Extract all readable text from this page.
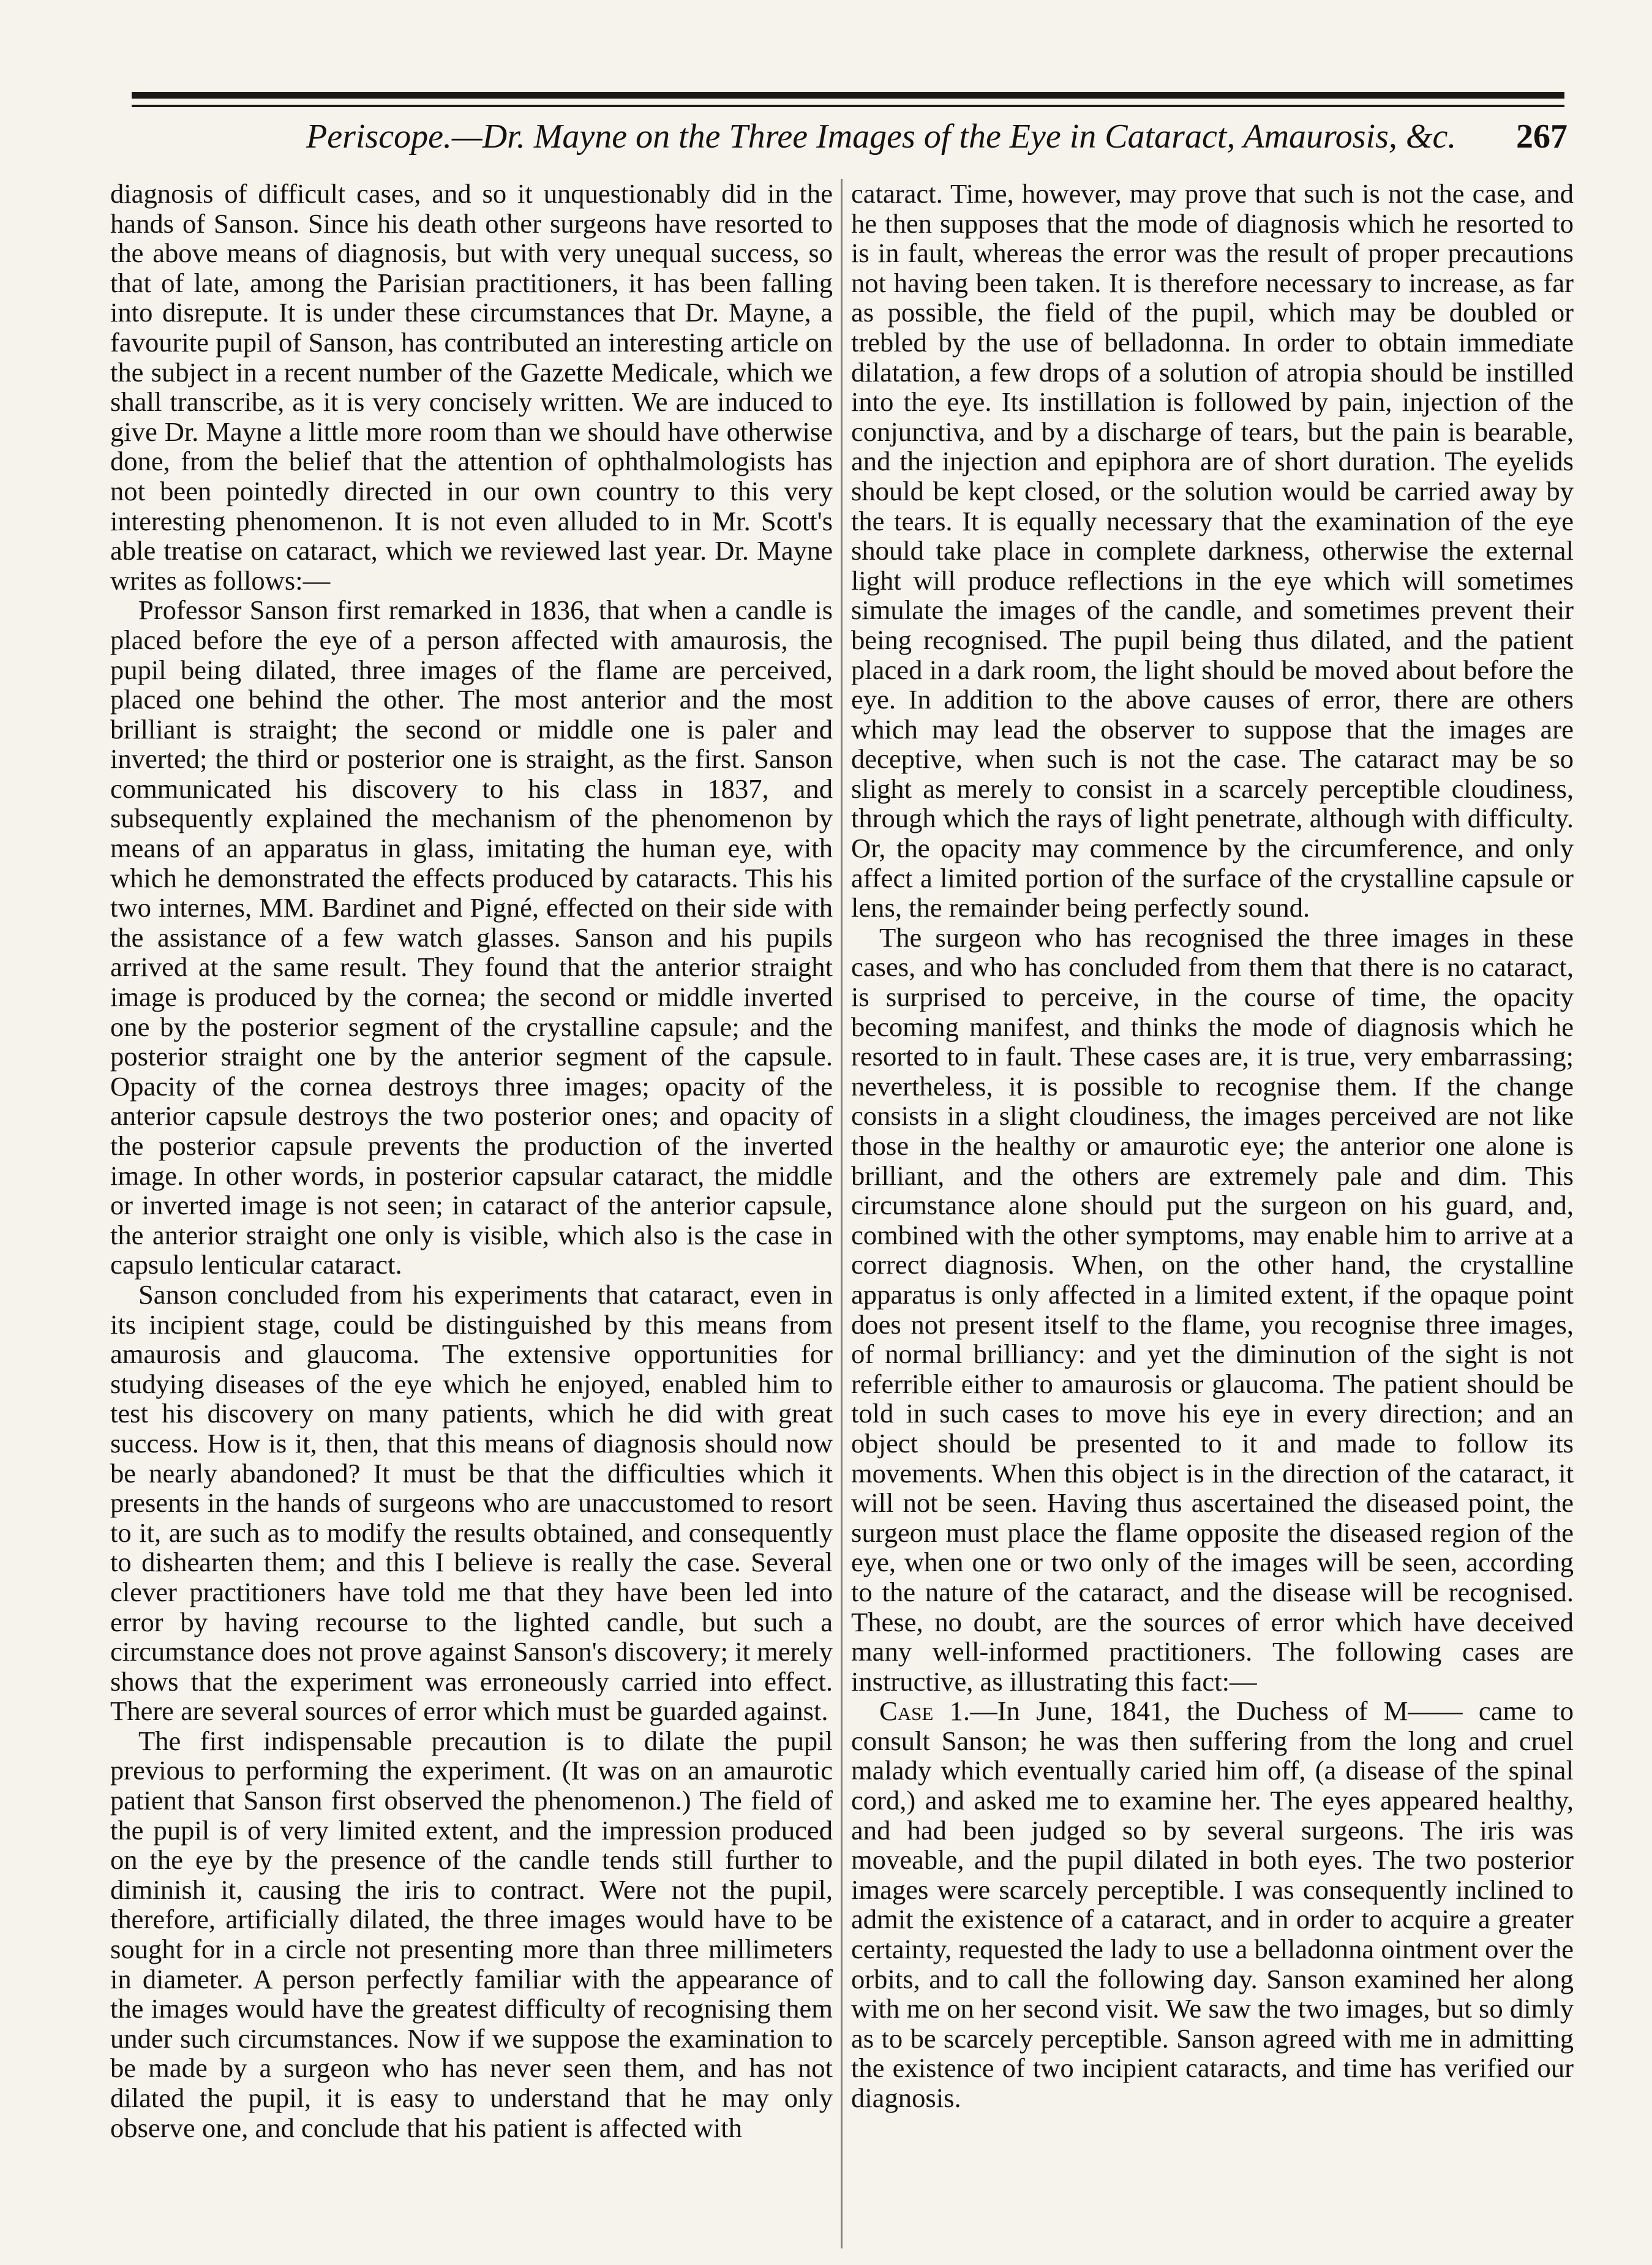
Periscope.—Dr. Mayne on the Three Images of the Eye in Cataract, Amaurosis, &c. 267

diagnosis of difficult cases, and so it unquestionably did in the hands of Sanson. Since his death other surgeons have resorted to the above means of diagnosis, but with very unequal success, so that of late, among the Parisian practitioners, it has been falling into disrepute. It is under these circumstances that Dr. Mayne, a favourite pupil of Sanson, has contributed an interesting article on the subject in a recent number of the Gazette Medicale, which we shall transcribe, as it is very concisely written. We are induced to give Dr. Mayne a little more room than we should have otherwise done, from the belief that the attention of ophthalmologists has not been pointedly directed in our own country to this very interesting phenomenon. It is not even alluded to in Mr. Scott's able treatise on cataract, which we reviewed last year. Dr. Mayne writes as follows:—

Professor Sanson first remarked in 1836, that when a candle is placed before the eye of a person affected with amaurosis, the pupil being dilated, three images of the flame are perceived, placed one behind the other. The most anterior and the most brilliant is straight; the second or middle one is paler and inverted; the third or posterior one is straight, as the first. Sanson communicated his discovery to his class in 1837, and subsequently explained the mechanism of the phenomenon by means of an apparatus in glass, imitating the human eye, with which he demonstrated the effects produced by cataracts. This his two internes, MM. Bardinet and Pigné, effected on their side with the assistance of a few watch glasses. Sanson and his pupils arrived at the same result. They found that the anterior straight image is produced by the cornea; the second or middle inverted one by the posterior segment of the crystalline capsule; and the posterior straight one by the anterior segment of the capsule. Opacity of the cornea destroys three images; opacity of the anterior capsule destroys the two posterior ones; and opacity of the posterior capsule prevents the production of the inverted image. In other words, in posterior capsular cataract, the middle or inverted image is not seen; in cataract of the anterior capsule, the anterior straight one only is visible, which also is the case in capsulo lenticular cataract.

Sanson concluded from his experiments that cataract, even in its incipient stage, could be distinguished by this means from amaurosis and glaucoma. The extensive opportunities for studying diseases of the eye which he enjoyed, enabled him to test his discovery on many patients, which he did with great success. How is it, then, that this means of diagnosis should now be nearly abandoned? It must be that the difficulties which it presents in the hands of surgeons who are unaccustomed to resort to it, are such as to modify the results obtained, and consequently to dishearten them; and this I believe is really the case. Several clever practitioners have told me that they have been led into error by having recourse to the lighted candle, but such a circumstance does not prove against Sanson's discovery; it merely shows that the experiment was erroneously carried into effect. There are several sources of error which must be guarded against.

The first indispensable precaution is to dilate the pupil previous to performing the experiment. (It was on an amaurotic patient that Sanson first observed the phenomenon.) The field of the pupil is of very limited extent, and the impression produced on the eye by the presence of the candle tends still further to diminish it, causing the iris to contract. Were not the pupil, therefore, artificially dilated, the three images would have to be sought for in a circle not presenting more than three millimeters in diameter. A person perfectly familiar with the appearance of the images would have the greatest difficulty of recognising them under such circumstances. Now if we suppose the examination to be made by a surgeon who has never seen them, and has not dilated the pupil, it is easy to understand that he may only observe one, and conclude that his patient is affected with

cataract. Time, however, may prove that such is not the case, and he then supposes that the mode of diagnosis which he resorted to is in fault, whereas the error was the result of proper precautions not having been taken. It is therefore necessary to increase, as far as possible, the field of the pupil, which may be doubled or trebled by the use of belladonna. In order to obtain immediate dilatation, a few drops of a solution of atropia should be instilled into the eye. Its instillation is followed by pain, injection of the conjunctiva, and by a discharge of tears, but the pain is bearable, and the injection and epiphora are of short duration. The eyelids should be kept closed, or the solution would be carried away by the tears. It is equally necessary that the examination of the eye should take place in complete darkness, otherwise the external light will produce reflections in the eye which will sometimes simulate the images of the candle, and sometimes prevent their being recognised. The pupil being thus dilated, and the patient placed in a dark room, the light should be moved about before the eye. In addition to the above causes of error, there are others which may lead the observer to suppose that the images are deceptive, when such is not the case. The cataract may be so slight as merely to consist in a scarcely perceptible cloudiness, through which the rays of light penetrate, although with difficulty. Or, the opacity may commence by the circumference, and only affect a limited portion of the surface of the crystalline capsule or lens, the remainder being perfectly sound.

The surgeon who has recognised the three images in these cases, and who has concluded from them that there is no cataract, is surprised to perceive, in the course of time, the opacity becoming manifest, and thinks the mode of diagnosis which he resorted to in fault. These cases are, it is true, very embarrassing; nevertheless, it is possible to recognise them. If the change consists in a slight cloudiness, the images perceived are not like those in the healthy or amaurotic eye; the anterior one alone is brilliant, and the others are extremely pale and dim. This circumstance alone should put the surgeon on his guard, and, combined with the other symptoms, may enable him to arrive at a correct diagnosis. When, on the other hand, the crystalline apparatus is only affected in a limited extent, if the opaque point does not present itself to the flame, you recognise three images, of normal brilliancy: and yet the diminution of the sight is not referrible either to amaurosis or glaucoma. The patient should be told in such cases to move his eye in every direction; and an object should be presented to it and made to follow its movements. When this object is in the direction of the cataract, it will not be seen. Having thus ascertained the diseased point, the surgeon must place the flame opposite the diseased region of the eye, when one or two only of the images will be seen, according to the nature of the cataract, and the disease will be recognised. These, no doubt, are the sources of error which have deceived many well-informed practitioners. The following cases are instructive, as illustrating this fact:—

Case 1.—In June, 1841, the Duchess of M—— came to consult Sanson; he was then suffering from the long and cruel malady which eventually caried him off, (a disease of the spinal cord,) and asked me to examine her. The eyes appeared healthy, and had been judged so by several surgeons. The iris was moveable, and the pupil dilated in both eyes. The two posterior images were scarcely perceptible. I was consequently inclined to admit the existence of a cataract, and in order to acquire a greater certainty, requested the lady to use a belladonna ointment over the orbits, and to call the following day. Sanson examined her along with me on her second visit. We saw the two images, but so dimly as to be scarcely perceptible. Sanson agreed with me in admitting the existence of two incipient cataracts, and time has verified our diagnosis.
